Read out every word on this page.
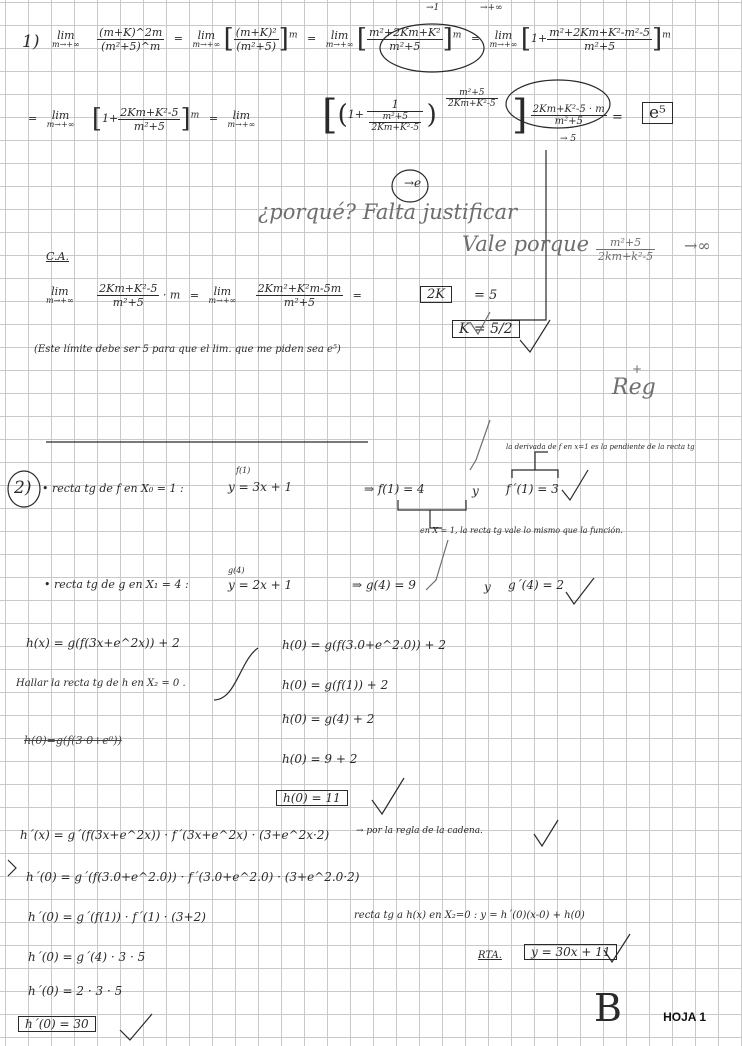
1)	lim
m→+∞
$\frac{(m+K)\^{}2m}{\text{(m²+5)\textasciicircum{}m}}$ =	lim
m→+∞ [ $\frac{\text{(m+K)²}}{\text{(m²+5)}} ]^m$ =	lim
m→+∞ [ $\frac{\text{m²+2Km+K²}}{\text{m²+5}} ]^m$ =	lim
m→+∞ $[1+ \frac{\text{m²+2Km+K²-m²-5}}{\text{m²+5}} ]^m$
→1	→+∞
=	lim
m→+∞ $[1+ \frac{\text{2Km+K²-5}}{\text{m²+5}} ]^m$ =	lim
m→+∞ [($1+ \frac{1}{\frac{\text{m²+5}}{\text{2Km+K²-5}}}$ )
$\frac{\text{m²+5}}{\text{2Km+K²-5}}$ ] $\frac{\text{2Km+K²-5 · m}}{\text{m²+5}}$ =	e⁵
→ 5
→e
¿porqué? Falta justificar
Vale porque $\frac{\text{m²+5}}{\text{2km+k²-5}}$ →∞
C.A.
lim
m→+∞
$\frac{\text{2Km+K²-5}}{\text{m²+5}} \cdot m$ =	lim
m→+∞
$\frac{\text{2Km²+K²m-5m}}{\text{m²+5}}$ =	2K	= 5
K = 5/2
(Este límite debe ser 5 para que el lim. que me piden sea e⁵)
Reg
+
2) • recta tg de f en X₀ = 1 :
f(1)
y = 3x + 1	⇒ f(1) = 4	y f´(1) = 3
la derivada de f en x=1 es la pendiente de la recta tg
en X = 1, la recta tg vale lo mismo que la función.
• recta tg de g en X₁ = 4 :
g(4)
y = 2x + 1	⇒ g(4) = 9	y g´(4) = 2
h(x) = g(f(3x+e^2x)) + 2
Hallar la recta tg de h en X₂ = 0 .
h(0)=g(f(3·0+e⁰))
h(0) = g(f(3.0+e^2.0)) + 2
h(0) = g(f(1)) + 2
h(0) = g(4) + 2
h(0) = 9 + 2
h(0) = 11
h´(x) = g´(f(3x+e^2x)) · f´(3x+e^2x) · (3+e^2x·2)	→ por la regla de la cadena.
h´(0) = g´(f(3.0+e^2.0)) · f´(3.0+e^2.0) · (3+e^2.0·2)
h´(0) = g´(f(1)) · f´(1) · (3+2)
h´(0) = g´(4) · 3 · 5
h´(0) = 2 · 3 · 5
h´(0) = 30
recta tg a h(x) en X₂=0 : y = h´(0)(x-0) + h(0)
RTA.	y = 30x + 11
B	HOJA 1
